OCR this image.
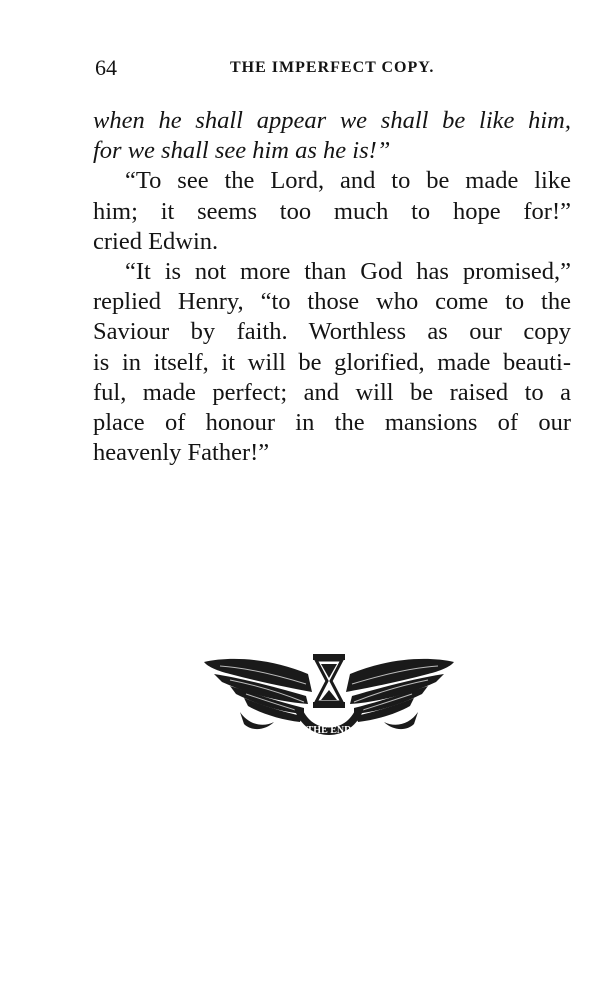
64	THE IMPERFECT COPY.
when he shall appear we shall be like him,
for we shall see him as he is!”
“To see the Lord, and to be made like
him; it seems too much to hope for!”
cried Edwin.
“It is not more than God has promised,”
replied Henry, “to those who come to the
Saviour by faith. Worthless as our copy
is in itself, it will be glorified, made beauti-
ful, made perfect; and will be raised to a
place of honour in the mansions of our
heavenly Father!”
THE END
